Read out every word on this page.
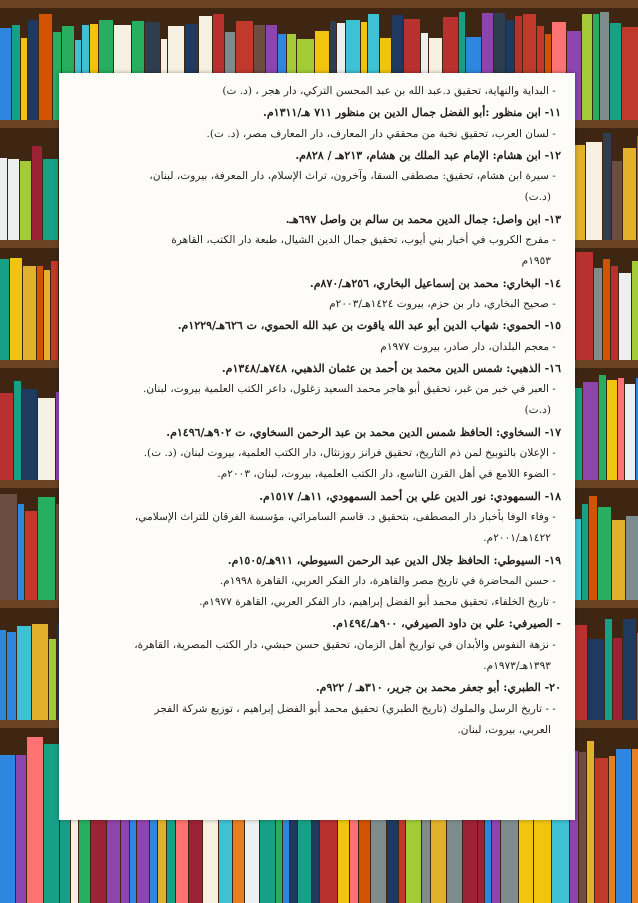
-البداية والنهاية، تحقيق د.عبد الله بن عبد المحسن التركي، دار هجر ، (د. ت)
١١- ابن منظور :أبو الفضل جمال الدين بن منظور ٧١١ هـ/١٣١١م.
-لسان العرب، تحقيق نخبة من محققي دار المعارف، دار المعارف مصر، (د. ت).
١٢- ابن هشام: الإمام عبد الملك بن هشام، ٢١٣هـ / ٨٢٨م.
-سيرة ابن هشام، تحقيق: مصطفى السقا، وآخرون، تراث الإسلام، دار المعرفة، بيروت، لبنان،
(د.ت)
١٣- ابن واصل: جمال الدين محمد بن سالم بن واصل ٦٩٧هـ.
-مفرج الكروب في أخبار بني أيوب، تحقيق جمال الدين الشيال، طبعة دار الكتب، القاهرة
١٩٥٣م
١٤- البخاري: محمد بن إسماعيل البخاري، ٢٥٦هـ/٨٧٠م.
-صحيح البخاري، دار بن حزم، بيروت ١٤٢٤هـ/٢٠٠٣م
١٥- الحموي: شهاب الدين أبو عبد الله ياقوت بن عبد الله الحموي، ت ٦٢٦هـ/١٢٢٩م.
-معجم البلدان، دار صادر، بيروت ١٩٧٧م
١٦- الذهبي: شمس الدين محمد بن أحمد بن عثمان الذهبي، ٧٤٨هـ/١٣٤٨م.
-العبر في خبر من غبر، تحقيق أبو هاجر محمد السعيد زغلول، داعر الكتب العلمية بيروت، لبنان.
(د.ت)
١٧- السخاوي: الحافظ شمس الدين محمد بن عبد الرحمن السخاوي، ت ٩٠٢هـ/١٤٩٦م.
-الإعلان بالتوبيخ لمن ذم التاريخ، تحقيق فرانز روزنثال، دار الكتب العلمية، بيروت لبنان، (د. ت).
-الضوء اللامع في أهل القرن التاسع، دار الكتب العلمية، بيروت، لبنان، ٢٠٠٣م.
١٨- السمهودي: نور الدين علي بن أحمد السمهودي، ١١هـ/ ١٥١٧م.
-وفاء الوفا بأخبار دار المصطفى، بتحقيق د. قاسم السامرائي، مؤسسة الفرقان للتراث الإسلامي،
١٤٢٢هـ/٢٠٠١م.
١٩- السيوطي: الحافظ جلال الدين عبد الرحمن السيوطي، ٩١١هـ/١٥٠٥م.
-حسن المحاضرة في تاريخ مصر والقاهرة، دار الفكر العربي، القاهرة ١٩٩٨م.
-تاريخ الخلفاء، تحقيق محمد أبو الفضل إبراهيم، دار الفكر العربي، القاهرة ١٩٧٧م.
- الصيرفي: علي بن داود الصيرفي، ٩٠٠هـ/١٤٩٤م.
-نزهة النفوس والأبدان في تواريخ أهل الزمان، تحقيق حسن حبشي، دار الكتب المصرية، القاهرة،
١٣٩٣هـ/١٩٧٣م.
٢٠- الطبري: أبو جعفر محمد بن جرير، ٣١٠هـ / ٩٢٢م.
-- تاريخ الرسل والملوك (تاريخ الطبري) تحقيق محمد أبو الفضل إبراهيم ، توزيع شركة الفجر
العربي، بيروت، لبنان.
